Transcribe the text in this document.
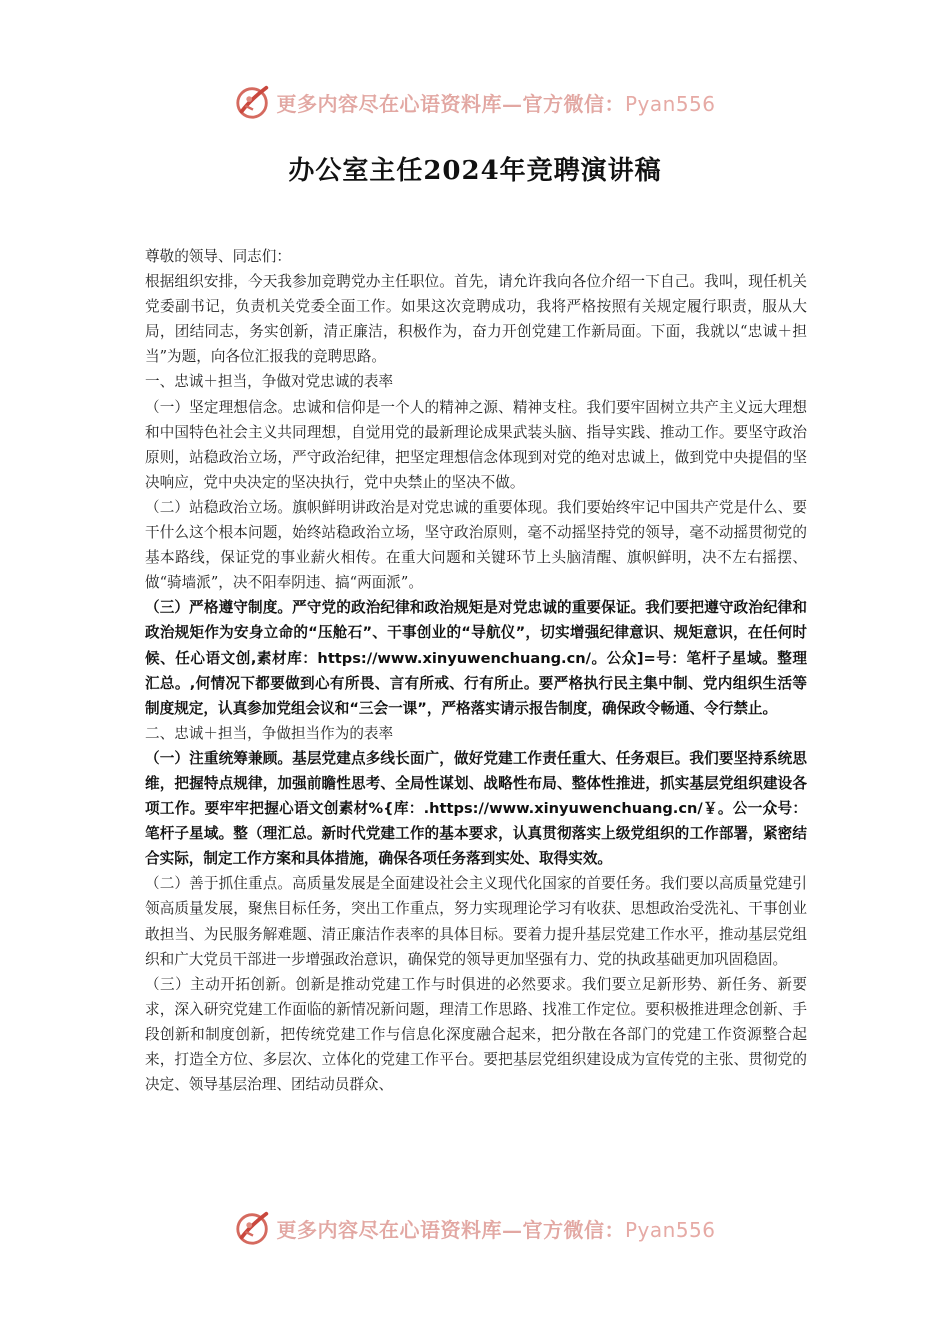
更多内容尽在心语资料库—官方微信：Pyan556
办公室主任2024年竞聘演讲稿

尊敬的领导、同志们：

根据组织安排，今天我参加竞聘党办主任职位。首先，请允许我向各位介绍一下自己。我叫，现任机关党委副书记，负责机关党委全面工作。如果这次竞聘成功，我将严格按照有关规定履行职责，服从大局，团结同志，务实创新，清正廉洁，积极作为，奋力开创党建工作新局面。下面，我就以“忠诚＋担当”为题，向各位汇报我的竞聘思路。

一、忠诚＋担当，争做对党忠诚的表率

（一）坚定理想信念。忠诚和信仰是一个人的精神之源、精神支柱。我们要牢固树立共产主义远大理想和中国特色社会主义共同理想，自觉用党的最新理论成果武装头脑、指导实践、推动工作。要坚守政治原则，站稳政治立场，严守政治纪律，把坚定理想信念体现到对党的绝对忠诚上，做到党中央提倡的坚决响应，党中央决定的坚决执行，党中央禁止的坚决不做。

（二）站稳政治立场。旗帜鲜明讲政治是对党忠诚的重要体现。我们要始终牢记中国共产党是什么、要干什么这个根本问题，始终站稳政治立场，坚守政治原则，毫不动摇坚持党的领导，毫不动摇贯彻党的基本路线，保证党的事业薪火相传。在重大问题和关键环节上头脑清醒、旗帜鲜明，决不左右摇摆、做“骑墙派”，决不阳奉阴违、搞“两面派”。

（三）严格遵守制度。严守党的政治纪律和政治规矩是对党忠诚的重要保证。我们要把遵守政治纪律和政治规矩作为安身立命的“压舱石”、干事创业的“导航仪”，切实增强纪律意识、规矩意识，在任何时候、任心语文创,素材库：https://www.xinyuwenchuang.cn/。公众]=号：笔杆子星域。整理汇总。,何情况下都要做到心有所畏、言有所戒、行有所止。要严格执行民主集中制、党内组织生活等制度规定，认真参加党组会议和“三会一课”，严格落实请示报告制度，确保政令畅通、令行禁止。

二、忠诚＋担当，争做担当作为的表率

（一）注重统筹兼顾。基层党建点多线长面广，做好党建工作责任重大、任务艰巨。我们要坚持系统思维，把握特点规律，加强前瞻性思考、全局性谋划、战略性布局、整体性推进，抓实基层党组织建设各项工作。要牢牢把握心语文创素材%{库：.https://www.xinyuwenchuang.cn/￥。公一众号：笔杆子星域。整（理汇总。新时代党建工作的基本要求，认真贯彻落实上级党组织的工作部署，紧密结合实际，制定工作方案和具体措施，确保各项任务落到实处、取得实效。

（二）善于抓住重点。高质量发展是全面建设社会主义现代化国家的首要任务。我们要以高质量党建引领高质量发展，聚焦目标任务，突出工作重点，努力实现理论学习有收获、思想政治受洗礼、干事创业敢担当、为民服务解难题、清正廉洁作表率的具体目标。要着力提升基层党建工作水平，推动基层党组织和广大党员干部进一步增强政治意识，确保党的领导更加坚强有力、党的执政基础更加巩固稳固。

（三）主动开拓创新。创新是推动党建工作与时俱进的必然要求。我们要立足新形势、新任务、新要求，深入研究党建工作面临的新情况新问题，理清工作思路、找准工作定位。要积极推进理念创新、手段创新和制度创新，把传统党建工作与信息化深度融合起来，把分散在各部门的党建工作资源整合起来，打造全方位、多层次、立体化的党建工作平台。要把基层党组织建设成为宣传党的主张、贯彻党的决定、领导基层治理、团结动员群众、

更多内容尽在心语资料库—官方微信：Pyan556
